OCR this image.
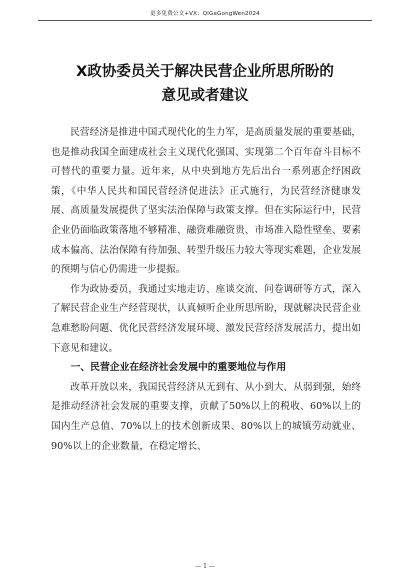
更多免费公文+VX：QiGeGongWen2024
X政协委员关于解决民营企业所思所盼的
意见或者建议

民营经济是推进中国式现代化的生力军，是高质量发展的重要基础，也是推动我国全面建成社会主义现代化强国、实现第二个百年奋斗目标不可替代的重要力量。近年来，从中央到地方先后出台一系列惠企纾困政策，《中华人民共和国民营经济促进法》正式施行，为民营经济健康发展、高质量发展提供了坚实法治保障与政策支撑。但在实际运行中，民营企业仍面临政策落地不够精准、融资难融资贵、市场准入隐性壁垒、要素成本偏高、法治保障有待加强、转型升级压力较大等现实难题，企业发展的预期与信心仍需进一步提振。

作为政协委员，我通过实地走访、座谈交流、问卷调研等方式，深入了解民营企业生产经营现状，认真倾听企业所思所盼，现就解决民营企业急难愁盼问题、优化民营经济发展环境、激发民营经济发展活力，提出如下意见和建议。

一、民营企业在经济社会发展中的重要地位与作用

改革开放以来，我国民营经济从无到有、从小到大、从弱到强，始终是推动经济社会发展的重要支撑，贡献了50%以上的税收、60%以上的国内生产总值、70%以上的技术创新成果、80%以上的城镇劳动就业、90%以上的企业数量，在稳定增长、

— 1 —
